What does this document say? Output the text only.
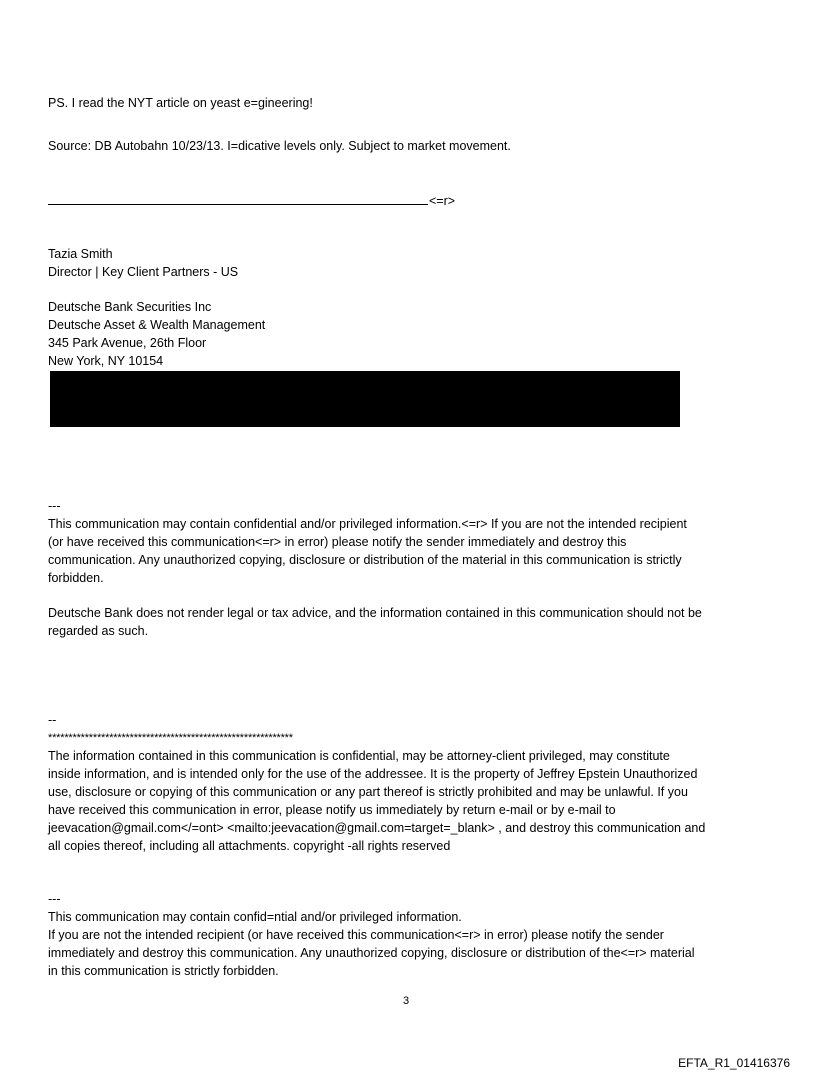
PS. I read the NYT article on yeast e=gineering!
Source: DB Autobahn 10/23/13. I=dicative levels only. Subject to market movement.
<=r>
Tazia Smith
Director | Key Client Partners - US
Deutsche Bank Securities Inc
Deutsche Asset & Wealth Management
345 Park Avenue, 26th Floor
New York, NY 10154
---
This communication may contain confidential and/or privileged information.<=r> If you are not the intended recipient
(or have received this communication<=r> in error) please notify the sender immediately and destroy this
communication. Any unauthorized copying, disclosure or distribution of the material in this communication is strictly
forbidden.
Deutsche Bank does not render legal or tax advice, and the information contained in this communication should not be
regarded as such.
--
************************************************************
The information contained in this communication is confidential, may be attorney-client privileged, may constitute
inside information, and is intended only for the use of the addressee. It is the property of Jeffrey Epstein Unauthorized
use, disclosure or copying of this communication or any part thereof is strictly prohibited and may be unlawful. If you
have received this communication in error, please notify us immediately by return e-mail or by e-mail to
jeevacation@gmail.com</=ont> <mailto:jeevacation@gmail.com=target=_blank> , and destroy this communication and
all copies thereof, including all attachments. copyright -all rights reserved
---
This communication may contain confid=ntial and/or privileged information.
If you are not the intended recipient (or have received this communication<=r> in error) please notify the sender
immediately and destroy this communication. Any unauthorized copying, disclosure or distribution of the<=r> material
in this communication is strictly forbidden.
3
EFTA_R1_01416376
